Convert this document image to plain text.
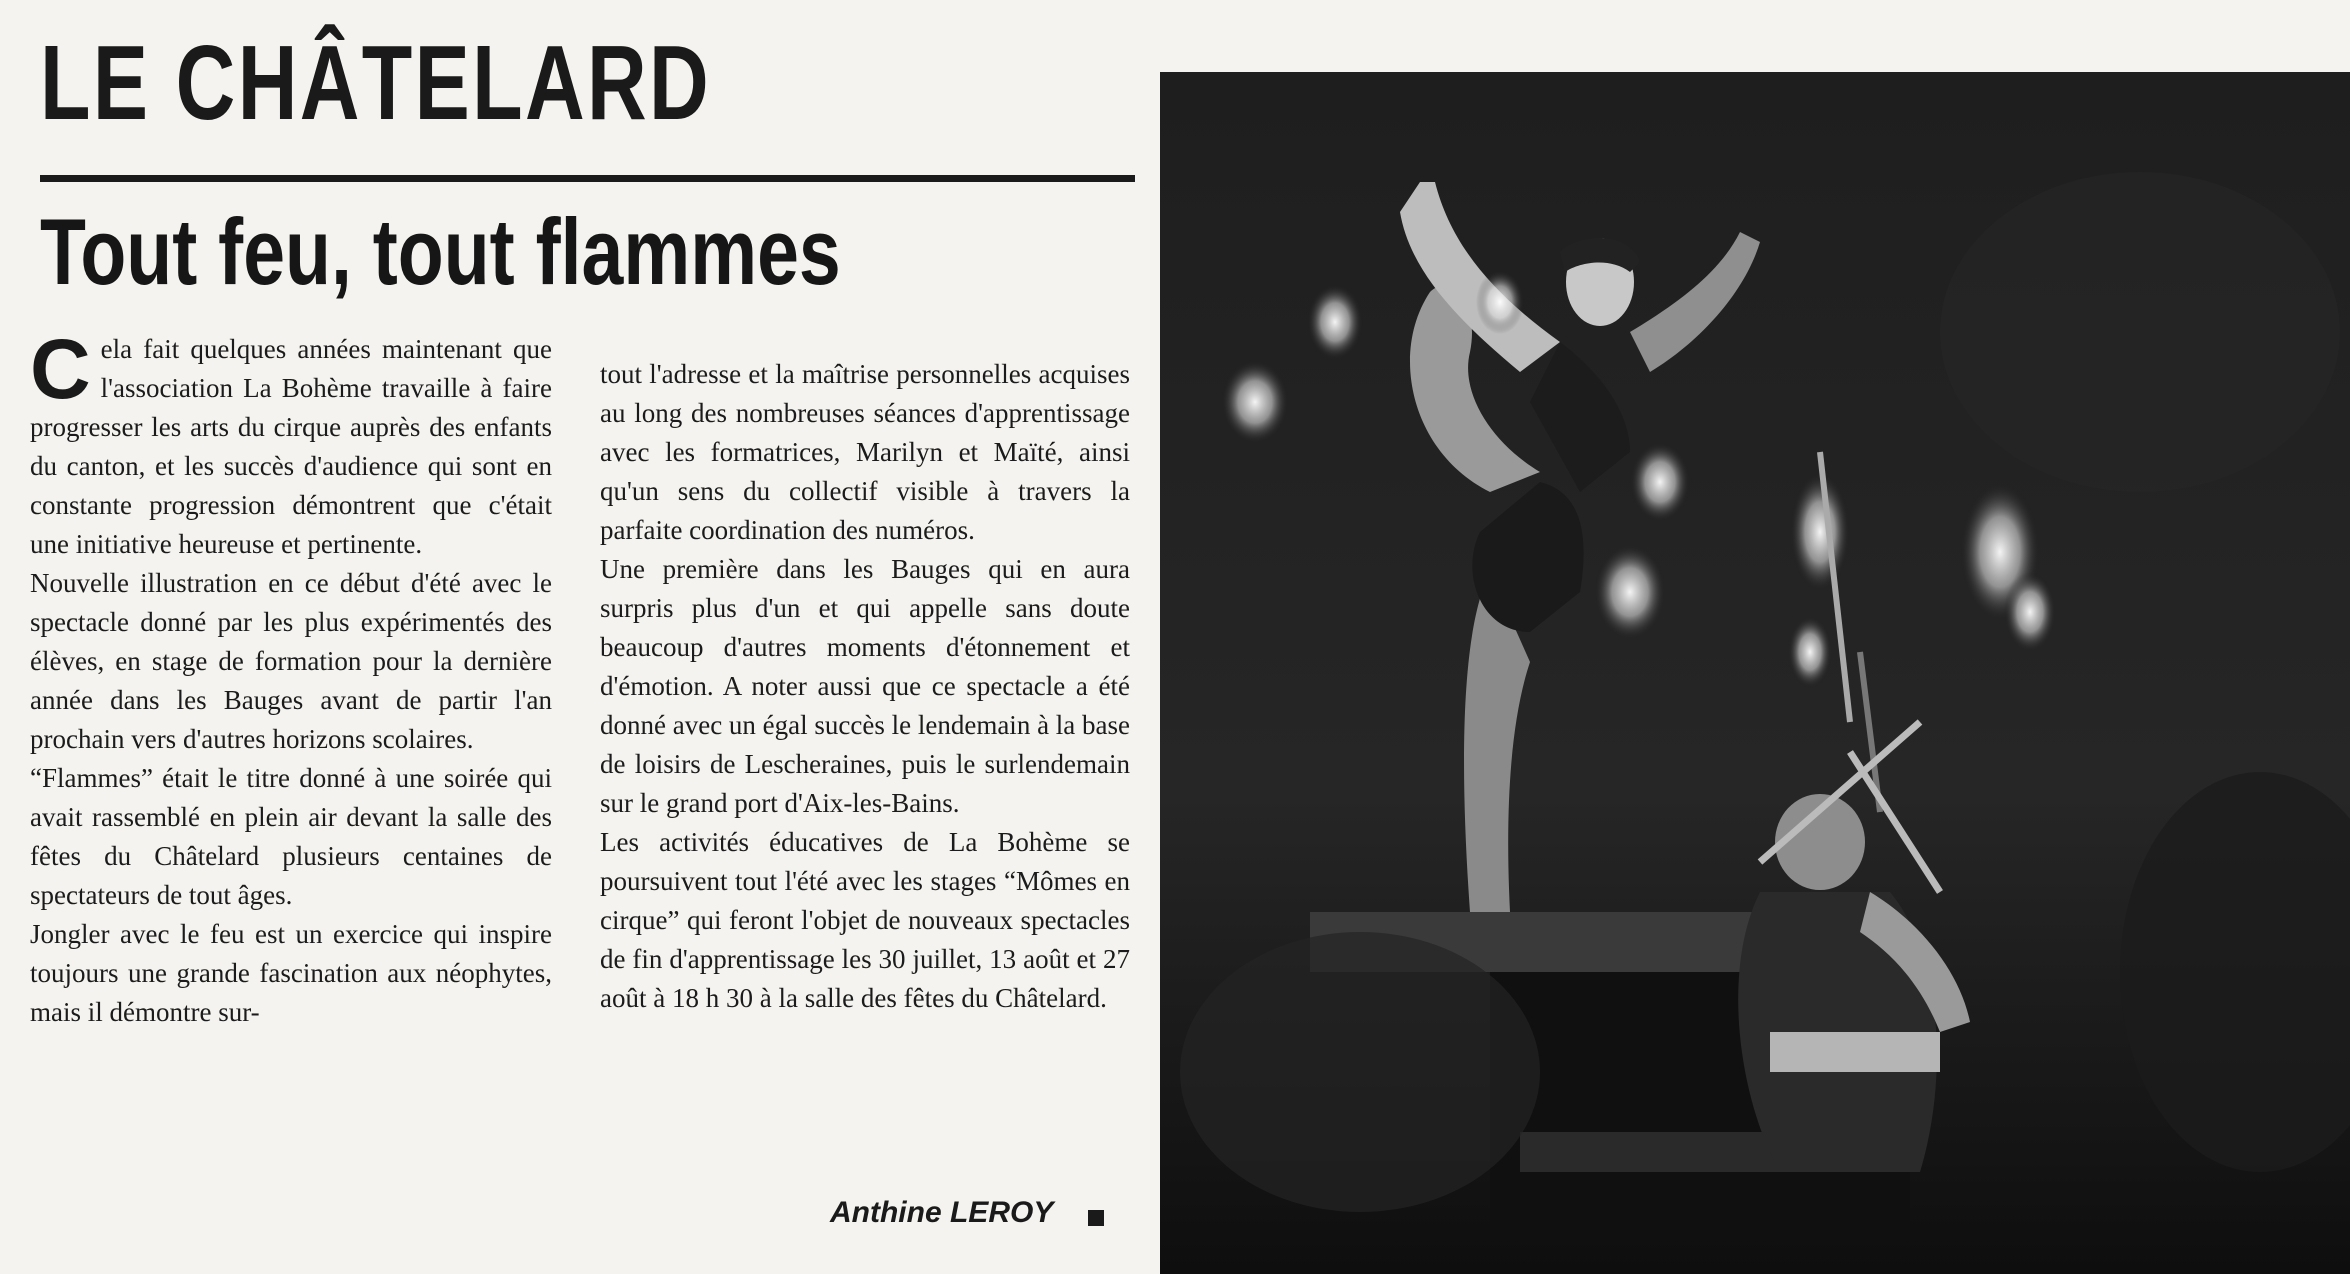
LE CHÂTELARD
Tout feu, tout flammes

Cela fait quelques années maintenant que l'association La Bohème travaille à faire progresser les arts du cirque auprès des enfants du canton, et les succès d'audience qui sont en constante progression démontrent que c'était une initiative heureuse et pertinente.

Nouvelle illustration en ce début d'été avec le spectacle donné par les plus expérimentés des élèves, en stage de formation pour la dernière année dans les Bauges avant de partir l'an prochain vers d'autres horizons scolaires.

“Flammes” était le titre donné à une soirée qui avait rassemblé en plein air devant la salle des fêtes du Châtelard plusieurs centaines de spectateurs de tout âges.

Jongler avec le feu est un exercice qui inspire toujours une grande fascination aux néophytes, mais il démontre sur-

tout l'adresse et la maîtrise personnelles acquises au long des nombreuses séances d'apprentissage avec les formatrices, Marilyn et Maïté, ainsi qu'un sens du collectif visible à travers la parfaite coordination des numéros.

Une première dans les Bauges qui en aura surpris plus d'un et qui appelle sans doute beaucoup d'autres moments d'étonnement et d'émotion. A noter aussi que ce spectacle a été donné avec un égal succès le lendemain à la base de loisirs de Lescheraines, puis le surlendemain sur le grand port d'Aix-les-Bains.

Les activités éducatives de La Bohème se poursuivent tout l'été avec les stages “Mômes en cirque” qui feront l'objet de nouveaux spectacles de fin d'apprentissage les 30 juillet, 13 août et 27 août à 18 h 30 à la salle des fêtes du Châtelard.

Anthine LEROY
